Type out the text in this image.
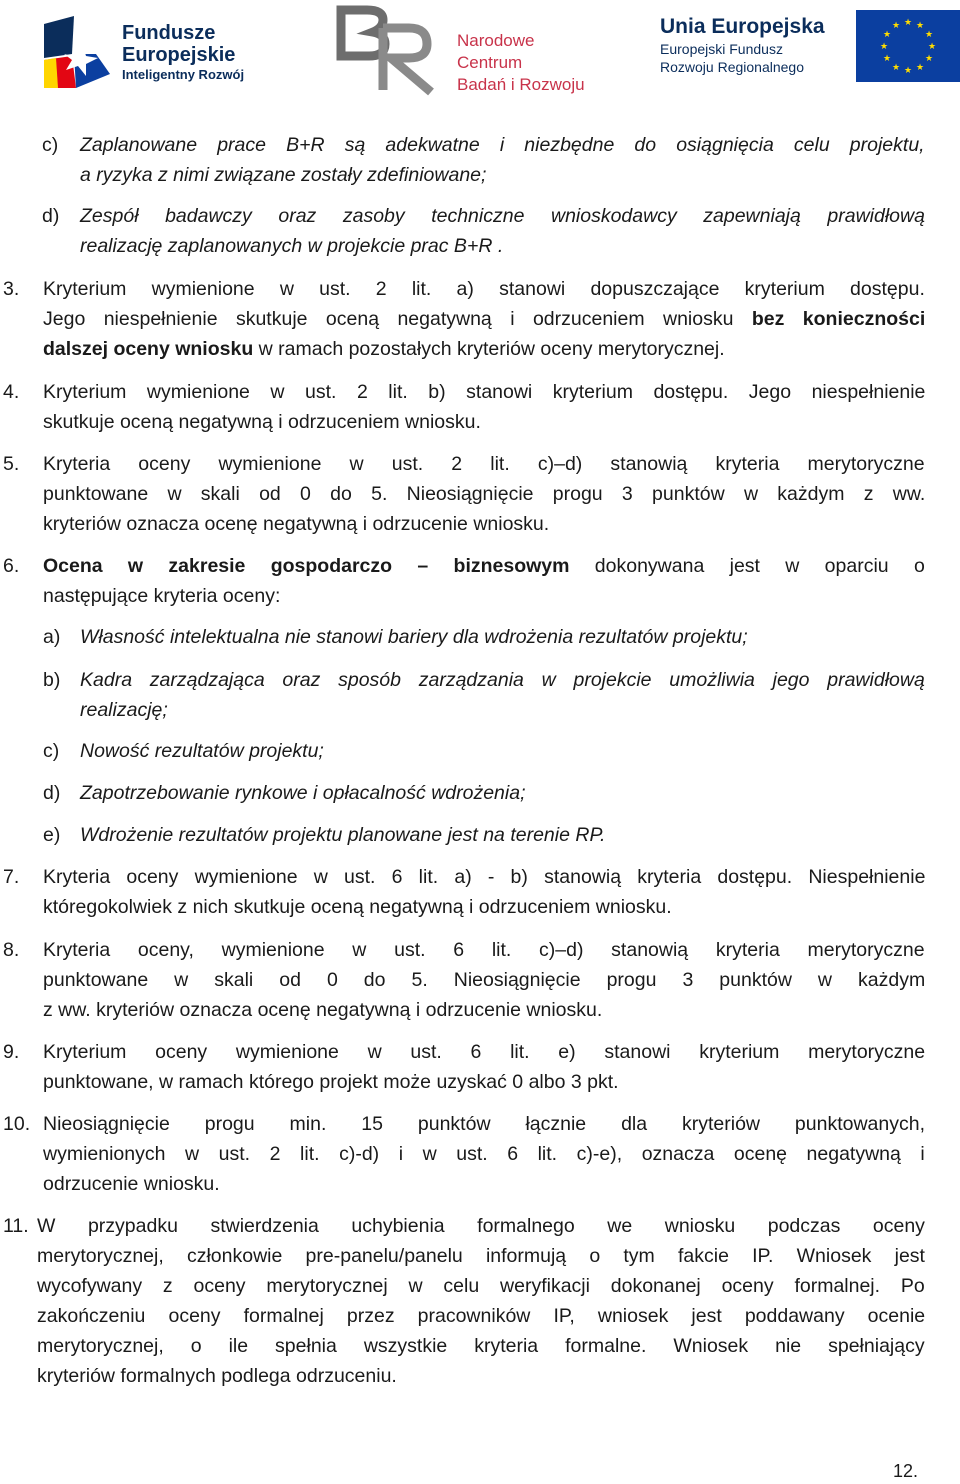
Fundusze
Europejskie
Inteligentny Rozwój
Narodowe Centrum
Badań i Rozwoju
Unia Europejska
Europejski Fundusz
Rozwoju Regionalnego
★ ★
★
★
★
★
★
★
★
★
★
★

c) Zaplanowane prace B+R są adekwatne i niezbędne do osiągnięcia celu projektu,

a ryzyka z nimi związane zostały zdefiniowane;

d) Zespół badawczy oraz zasoby techniczne wnioskodawcy zapewniają prawidłową

realizację zaplanowanych w projekcie prac B+R .

3. Kryterium wymienione w ust. 2 lit. a) stanowi dopuszczające kryterium dostępu.

Jego niespełnienie skutkuje oceną negatywną i odrzuceniem wniosku bez konieczności

dalszej oceny wniosku w ramach pozostałych kryteriów oceny merytorycznej.

4. Kryterium wymienione w ust. 2 lit. b) stanowi kryterium dostępu. Jego niespełnienie

skutkuje oceną negatywną i odrzuceniem wniosku.

5. Kryteria oceny wymienione w ust. 2 lit. c)–d) stanowią kryteria merytoryczne

punktowane w skali od 0 do 5. Nieosiągnięcie progu 3 punktów w każdym z ww.

kryteriów oznacza ocenę negatywną i odrzucenie wniosku.

6. Ocena w zakresie gospodarczo – biznesowym dokonywana jest w oparciu o

następujące kryteria oceny:

a) Własność intelektualna nie stanowi bariery dla wdrożenia rezultatów projektu;

b) Kadra zarządzająca oraz sposób zarządzania w projekcie umożliwia jego prawidłową

realizację;

c) Nowość rezultatów projektu;

d) Zapotrzebowanie rynkowe i opłacalność wdrożenia;

e) Wdrożenie rezultatów projektu planowane jest na terenie RP.

7. Kryteria oceny wymienione w ust. 6 lit. a) - b) stanowią kryteria dostępu. Niespełnienie

któregokolwiek z nich skutkuje oceną negatywną i odrzuceniem wniosku.

8. Kryteria oceny, wymienione w ust. 6 lit. c)–d) stanowią kryteria merytoryczne

punktowane w skali od 0 do 5. Nieosiągnięcie progu 3 punktów w każdym

z ww. kryteriów oznacza ocenę negatywną i odrzucenie wniosku.

9. Kryterium oceny wymienione w ust. 6 lit. e) stanowi kryterium merytoryczne

punktowane, w ramach którego projekt może uzyskać 0 albo 3 pkt.

10. Nieosiągnięcie progu min. 15 punktów łącznie dla kryteriów punktowanych,

wymienionych w ust. 2 lit. c)-d) i w ust. 6 lit. c)-e), oznacza ocenę negatywną i

odrzucenie wniosku.

11. W przypadku stwierdzenia uchybienia formalnego we wniosku podczas oceny

merytorycznej, członkowie pre-panelu/panelu informują o tym fakcie IP. Wniosek jest

wycofywany z oceny merytorycznej w celu weryfikacji dokonanej oceny formalnej. Po

zakończeniu oceny formalnej przez pracowników IP, wniosek jest poddawany ocenie

merytorycznej, o ile spełnia wszystkie kryteria formalne. Wniosek nie spełniający

kryteriów formalnych podlega odrzuceniu.

12.
